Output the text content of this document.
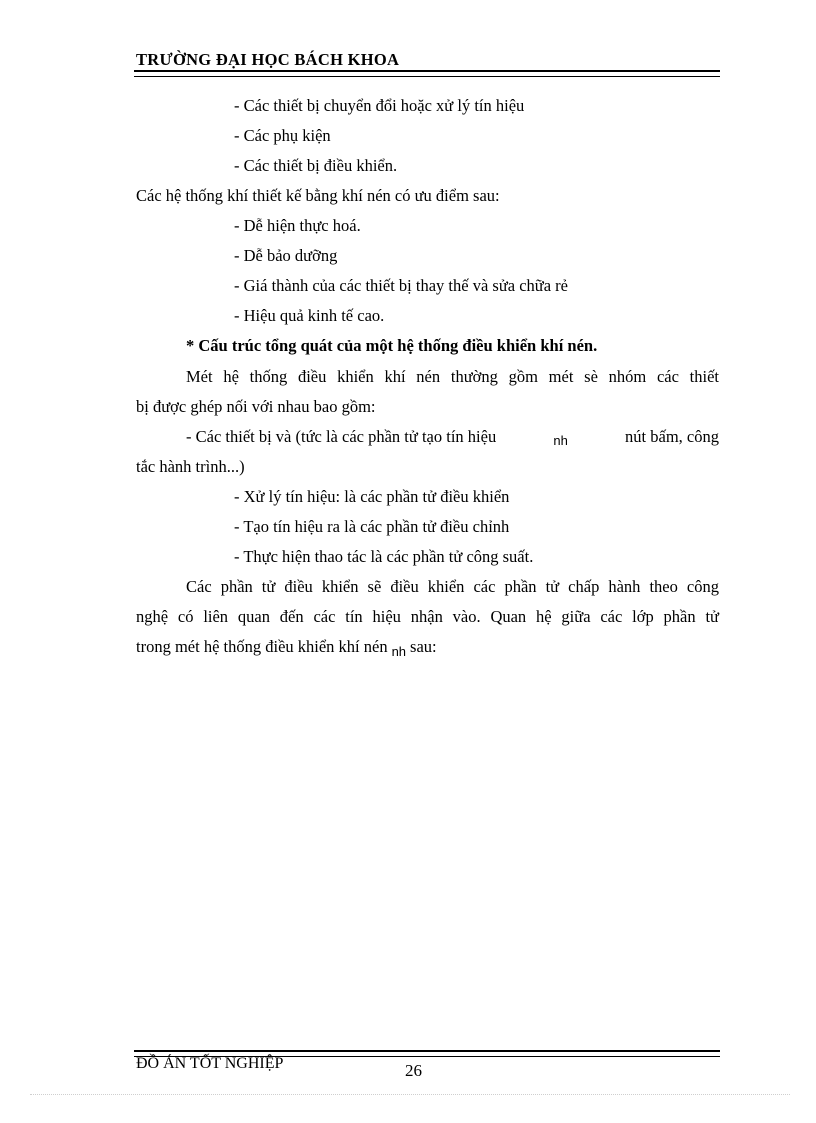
TRƯỜNG ĐẠI HỌC BÁCH KHOA
- Các thiết bị chuyển đổi hoặc xử lý tín hiệu
- Các phụ kiện
- Các thiết bị điều khiển.
Các hệ thống khí thiết kế bằng khí nén có ưu điểm sau:
- Dễ hiện thực hoá.
- Dễ bảo dưỡng
- Giá thành của các thiết bị thay thế và sửa chữa rẻ
- Hiệu quả kinh tế cao.
* Cấu trúc tổng quát của một hệ thống điều khiển khí nén.
Mét hệ thống điều khiển khí nén thường gồm mét sè nhóm các thiết
bị được ghép nối với nhau bao gồm:
- Các thiết bị và (tức là các phần tử tạo tín hiệu	nh	nút bấm, công
tắc hành trình...)
- Xử lý tín hiệu: là các phần tử điều khiển
- Tạo tín hiệu ra là các phần tử điều chỉnh
- Thực hiện thao tác là các phần tử công suất.
Các phần tử điều khiển sẽ điều khiển các phần tử chấp hành theo công
nghệ có liên quan đến các tín hiệu nhận vào. Quan hệ giữa các lớp phần tử
trong mét hệ thống điều khiển khí nén $_{nh}$ sau:
ĐỒ ÁN TỐT NGHIỆP	26
